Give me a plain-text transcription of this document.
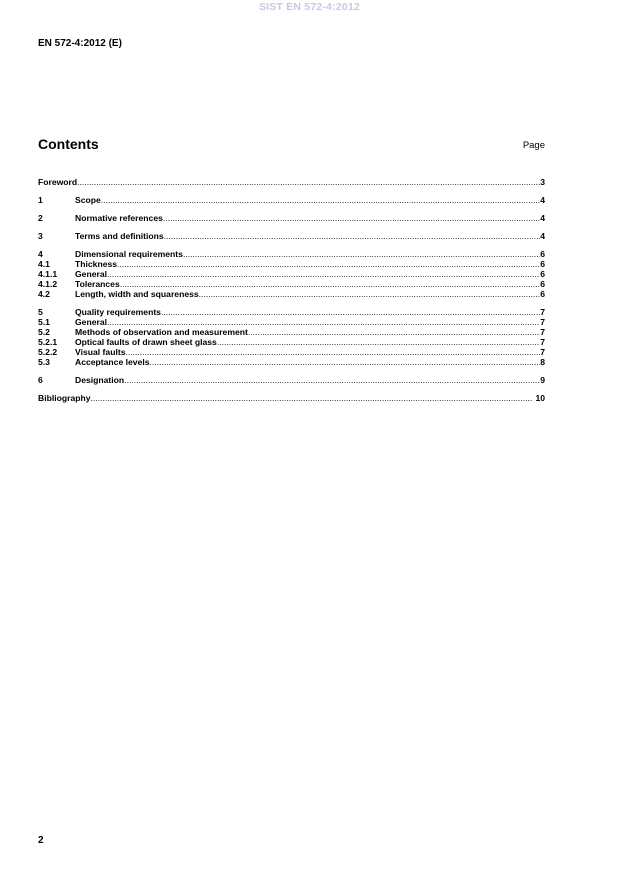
SIST EN 572-4:2012
EN 572-4:2012 (E)
Contents	Page
Foreword .....	3
1	Scope .....	4
2	Normative references .....	4
3	Terms and definitions .....	4
4	Dimensional requirements .....	6
4.1	Thickness .....	6
4.1.1	General .....	6
4.1.2	Tolerances .....	6
4.2	Length, width and squareness .....	6
5	Quality requirements .....	7
5.1	General .....	7
5.2	Methods of observation and measurement .....	7
5.2.1	Optical faults of drawn sheet glass .....	7
5.2.2	Visual faults .....	7
5.3	Acceptance levels .....	8
6	Designation .....	9
Bibliography .....	10
2
